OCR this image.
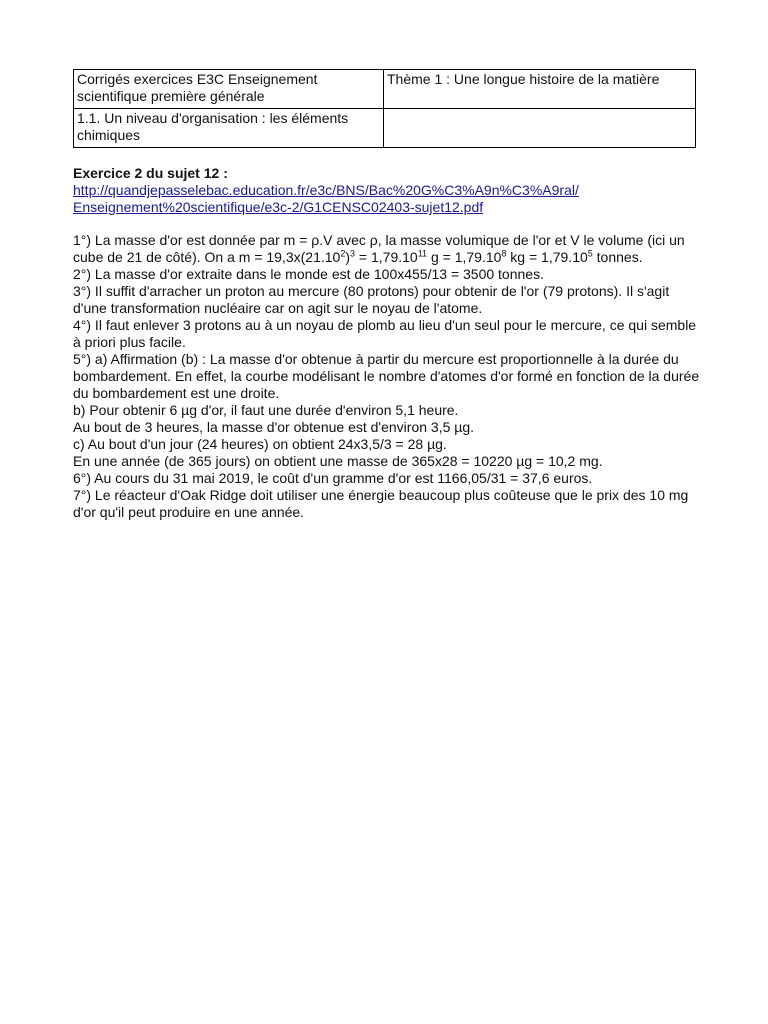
Corrigés exercices E3C Enseignement scientifique première générale	Thème 1 : Une longue histoire de la matière
1.1. Un niveau d'organisation : les éléments chimiques	

Exercice 2 du sujet 12 :

http://quandjepasselebac.education.fr/e3c/BNS/Bac%20G%C3%A9n%C3%A9ral/
Enseignement%20scientifique/e3c-2/G1CENSC02403-sujet12.pdf

1°) La masse d'or est donnée par m = ρ.V avec ρ, la masse volumique de l'or et V le volume (ici un cube de 21 de côté). On a $m = 19,3x(21.10^2)^3 = 1,79.10^{11}$ $g = 1,79.10^8$ kg = $1,79.10^5$ tonnes.

2°) La masse d'or extraite dans le monde est de 100x455/13 = 3500 tonnes.

3°) Il suffit d'arracher un proton au mercure (80 protons) pour obtenir de l'or (79 protons). Il s'agit d'une transformation nucléaire car on agit sur le noyau de l'atome.

4°) Il faut enlever 3 protons au à un noyau de plomb au lieu d'un seul pour le mercure, ce qui semble à priori plus facile.

5°) a) Affirmation (b) : La masse d'or obtenue à partir du mercure est proportionnelle à la durée du bombardement. En effet, la courbe modélisant le nombre d'atomes d'or formé en fonction de la durée du bombardement est une droite.

b) Pour obtenir 6 µg d'or, il faut une durée d'environ 5,1 heure.

Au bout de 3 heures, la masse d'or obtenue est d'environ 3,5 µg.

c) Au bout d'un jour (24 heures) on obtient 24x3,5/3 = 28 µg.

En une année (de 365 jours) on obtient une masse de 365x28 = 10220 µg = 10,2 mg.

6°) Au cours du 31 mai 2019, le coût d'un gramme d'or est 1166,05/31 = 37,6 euros.

7°) Le réacteur d'Oak Ridge doit utiliser une énergie beaucoup plus coûteuse que le prix des 10 mg d'or qu'il peut produire en une année.
